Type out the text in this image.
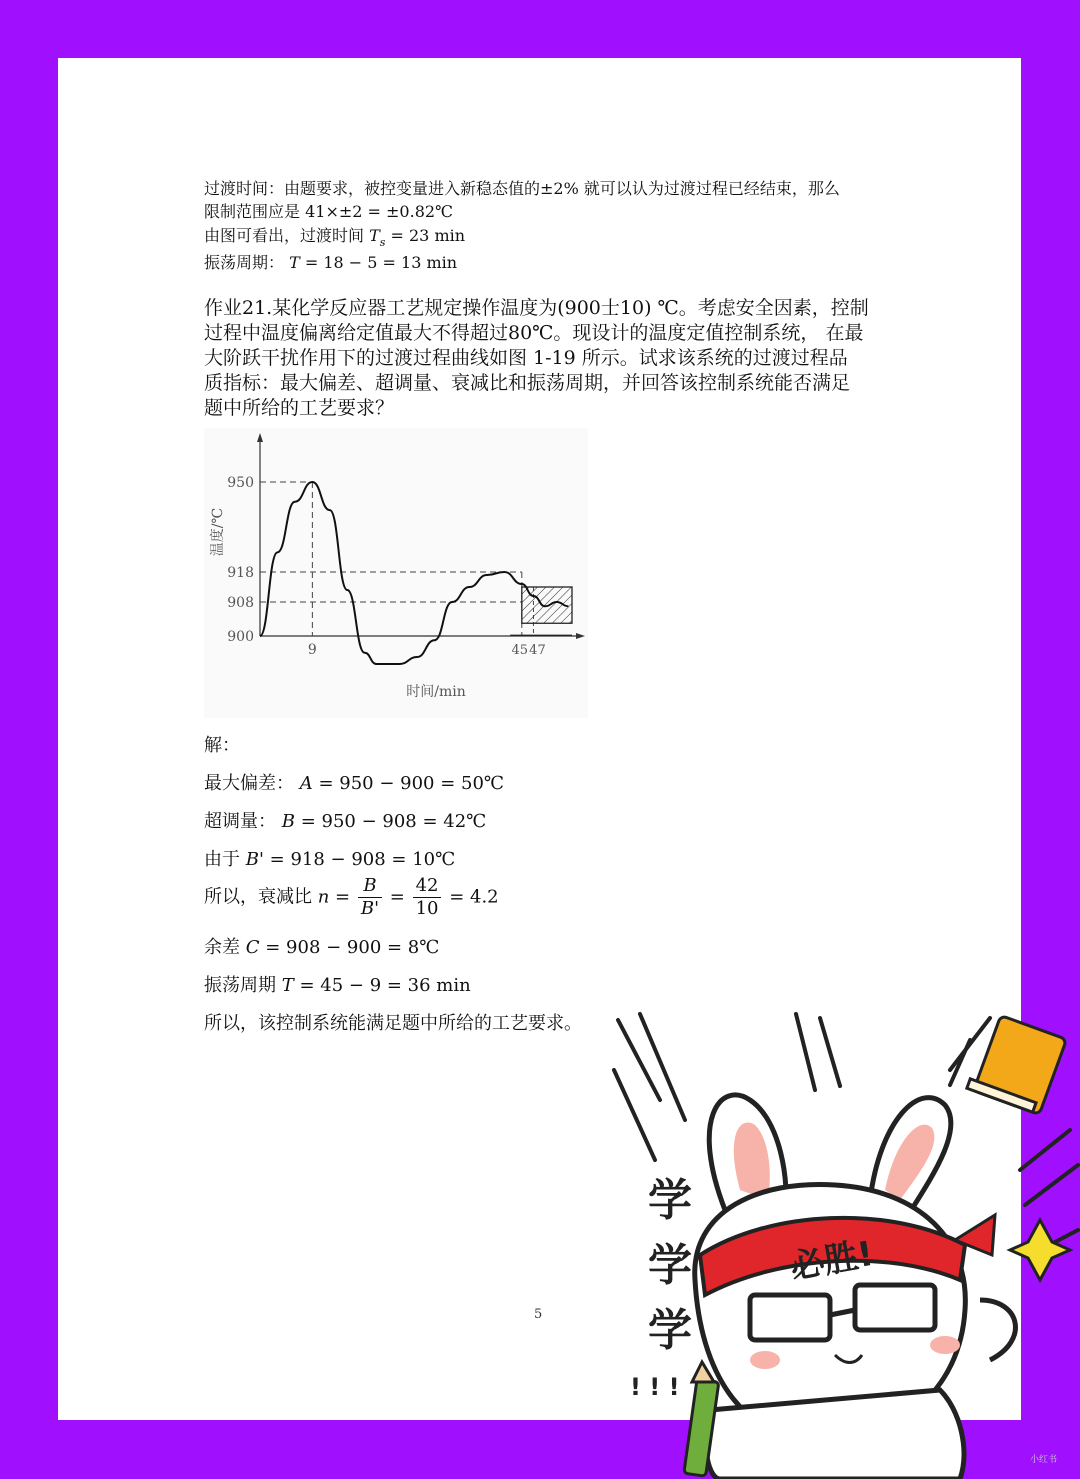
过渡时间：由题要求，被控变量进入新稳态值的±2% 就可以认为过渡过程已经结束，那么
限制范围应是 41×±2 = ±0.82℃
由图可看出，过渡时间 $T_s = 23$ min
振荡周期： T = 18 − 5 = 13 min
作业21.某化学反应器工艺规定操作温度为(900士10) ℃。考虑安全因素，控制
过程中温度偏离给定值最大不得超过80℃。现设计的温度定值控制系统， 在最
大阶跃干扰作用下的过渡过程曲线如图 1-19 所示。试求该系统的过渡过程品
质指标：最大偏差、超调量、衰减比和振荡周期，并回答该控制系统能否满足
题中所给的工艺要求？
950
918
908
900
9	45 47
时间/min
温度/℃
解：
最大偏差： A = 950 − 900 = 50℃
超调量： B = 950 − 908 = 42℃
由于 B' = 918 − 908 = 10℃
所以，衰减比 $n = \frac{B}{B'} = \frac{42}{10} = 4.2$
余差 C = 908 − 900 = 8℃
振荡周期 T = 45 − 9 = 36 min
所以，该控制系统能满足题中所给的工艺要求。
5
必胜!
学
学
学
! ! !
小红书
